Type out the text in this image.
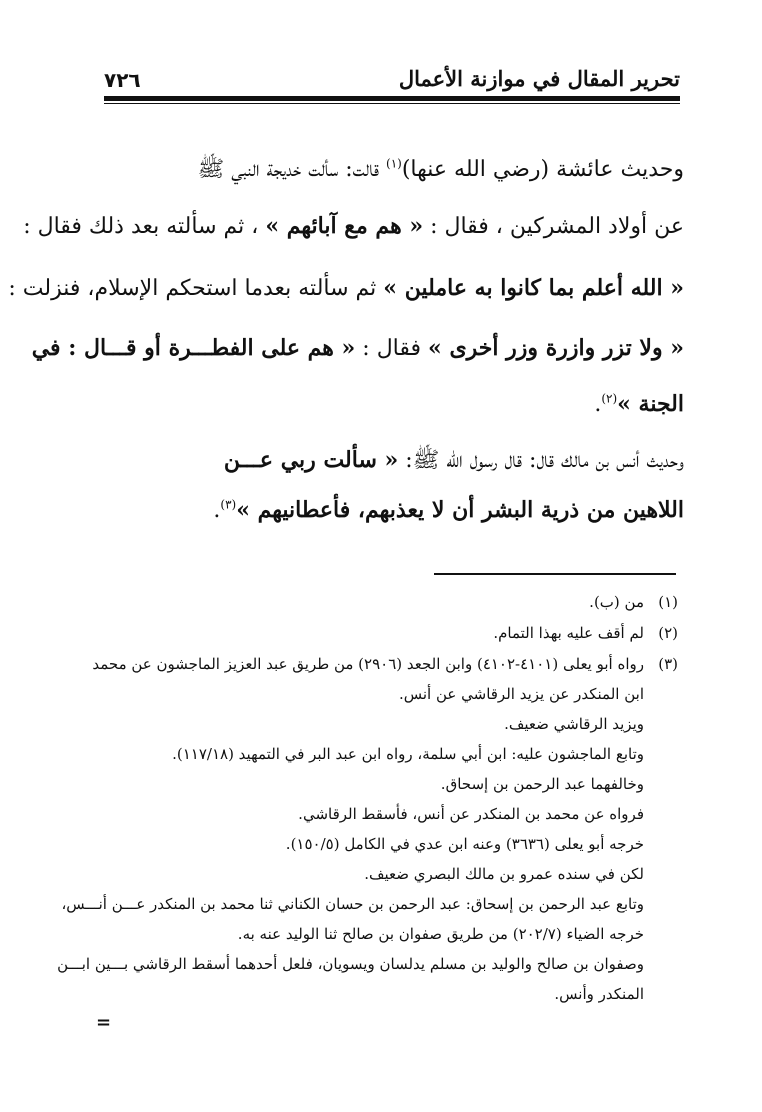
٧٢٦	تحرير المقال في موازنة الأعمال
وحديث عائشة (رضي الله عنها)$^{(١)}$ قالت: سألت خديجة النبي ﷺ
عن أولاد المشركين ، فقال : « هم مع آبائهم » ، ثم سألته بعد ذلك فقال :
« الله أعلم بما كانوا به عاملين » ثم سألته بعدما استحكم الإسلام، فنزلت :
« ولا تزر وازرة وزر أخرى » فقال : « هم على الفطـــرة أو قـــال : في
الجنة »$^{(٢)}$.
وحديث أنس بن مالك قال: قال رسول الله ﷺ: « سألت ربي عـــن
اللاهين من ذرية البشر أن لا يعذبهم، فأعطانيهم »$^{(٣)}$.
(١)من (ب).
(٢)لم أقف عليه بهذا التمام.
(٣)رواه أبو يعلى (٤١٠١-٤١٠٢) وابن الجعد (٢٩٠٦) من طريق عبد العزيز الماجشون عن محمد
ابن المنكدر عن يزيد الرقاشي عن أنس.
ويزيد الرقاشي ضعيف.
وتابع الماجشون عليه: ابن أبي سلمة، رواه ابن عبد البر في التمهيد (١١٧/١٨).
وخالفهما عبد الرحمن بن إسحاق.
فرواه عن محمد بن المنكدر عن أنس، فأسقط الرقاشي.
خرجه أبو يعلى (٣٦٣٦) وعنه ابن عدي في الكامل (١٥٠/٥).
لكن في سنده عمرو بن مالك البصري ضعيف.
وتابع عبد الرحمن بن إسحاق: عبد الرحمن بن حسان الكناني ثنا محمد بن المنكدر عـــن أنـــس،
خرجه الضياء (٢٠٢/٧) من طريق صفوان بن صالح ثنا الوليد عنه به.
وصفوان بن صالح والوليد بن مسلم يدلسان ويسويان، فلعل أحدهما أسقط الرقاشي بـــين ابـــن
المنكدر وأنس.
=
